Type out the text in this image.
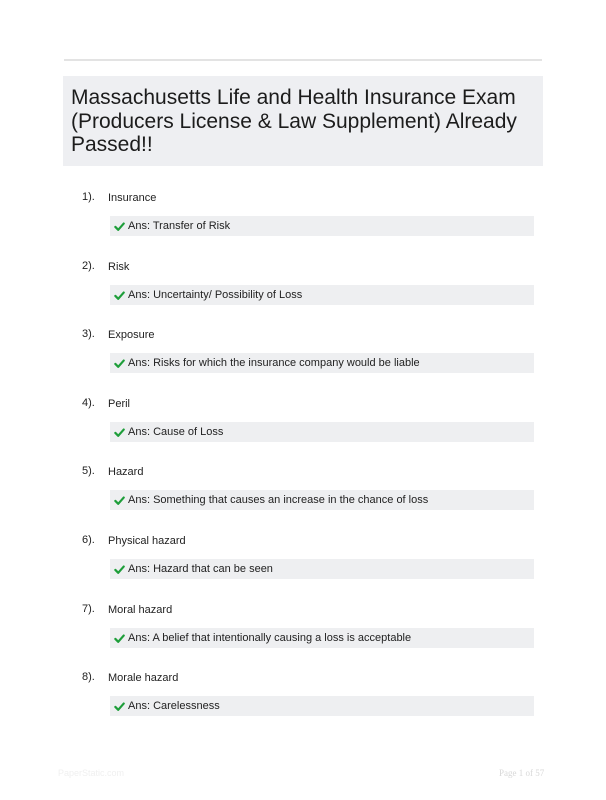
Massachusetts Life and Health Insurance Exam (Producers License & Law Supplement) Already Passed!!
1). Insurance
Ans: Transfer of Risk
2). Risk
Ans: Uncertainty/ Possibility of Loss
3). Exposure
Ans: Risks for which the insurance company would be liable
4). Peril
Ans: Cause of Loss
5). Hazard
Ans: Something that causes an increase in the chance of loss
6). Physical hazard
Ans: Hazard that can be seen
7). Moral hazard
Ans: A belief that intentionally causing a loss is acceptable
8). Morale hazard
Ans: Carelessness
PaperStatic.com	Page 1 of 57
